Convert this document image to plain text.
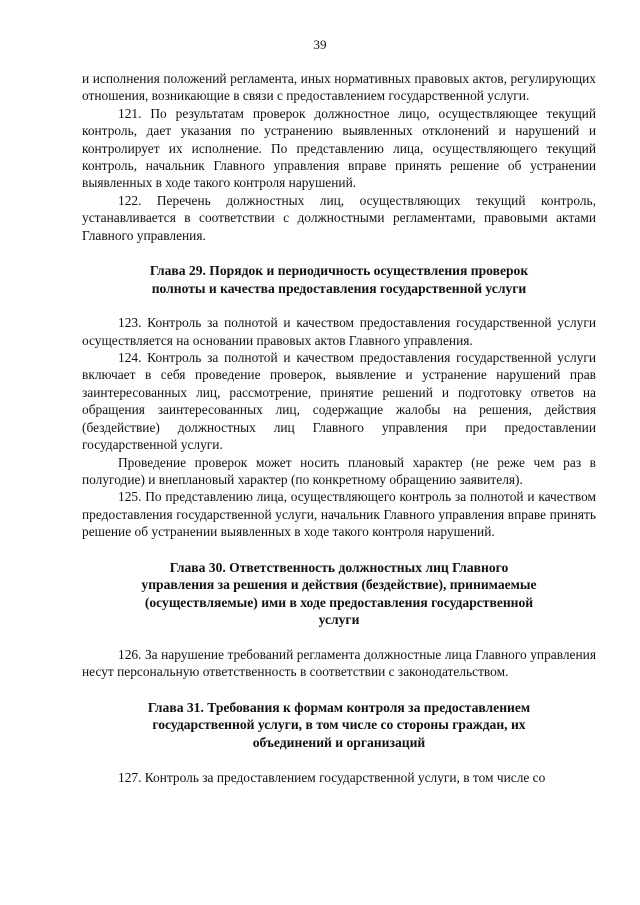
39

и исполнения положений регламента, иных нормативных правовых актов, регулирующих отношения, возникающие в связи с предоставлением государственной услуги.

121. По результатам проверок должностное лицо, осуществляющее текущий контроль, дает указания по устранению выявленных отклонений и нарушений и контролирует их исполнение. По представлению лица, осуществляющего текущий контроль, начальник Главного управления вправе принять решение об устранении выявленных в ходе такого контроля нарушений.

122. Перечень должностных лиц, осуществляющих текущий контроль, устанавливается в соответствии с должностными регламентами, правовыми актами Главного управления.

Глава 29. Порядок и периодичность осуществления проверок
полноты и качества предоставления государственной услуги

123. Контроль за полнотой и качеством предоставления государственной услуги осуществляется на основании правовых актов Главного управления.

124. Контроль за полнотой и качеством предоставления государственной услуги включает в себя проведение проверок, выявление и устранение нарушений прав заинтересованных лиц, рассмотрение, принятие решений и подготовку ответов на обращения заинтересованных лиц, содержащие жалобы на решения, действия (бездействие) должностных лиц Главного управления при предоставлении государственной услуги.

Проведение проверок может носить плановый характер (не реже чем раз в полугодие) и внеплановый характер (по конкретному обращению заявителя).

125. По представлению лица, осуществляющего контроль за полнотой и качеством предоставления государственной услуги, начальник Главного управления вправе принять решение об устранении выявленных в ходе такого контроля нарушений.

Глава 30. Ответственность должностных лиц Главного
управления за решения и действия (бездействие), принимаемые
(осуществляемые) ими в ходе предоставления государственной
услуги

126. За нарушение требований регламента должностные лица Главного управления несут персональную ответственность в соответствии с законодательством.

Глава 31. Требования к формам контроля за предоставлением
государственной услуги, в том числе со стороны граждан, их
объединений и организаций

127. Контроль за предоставлением государственной услуги, в том числе со
